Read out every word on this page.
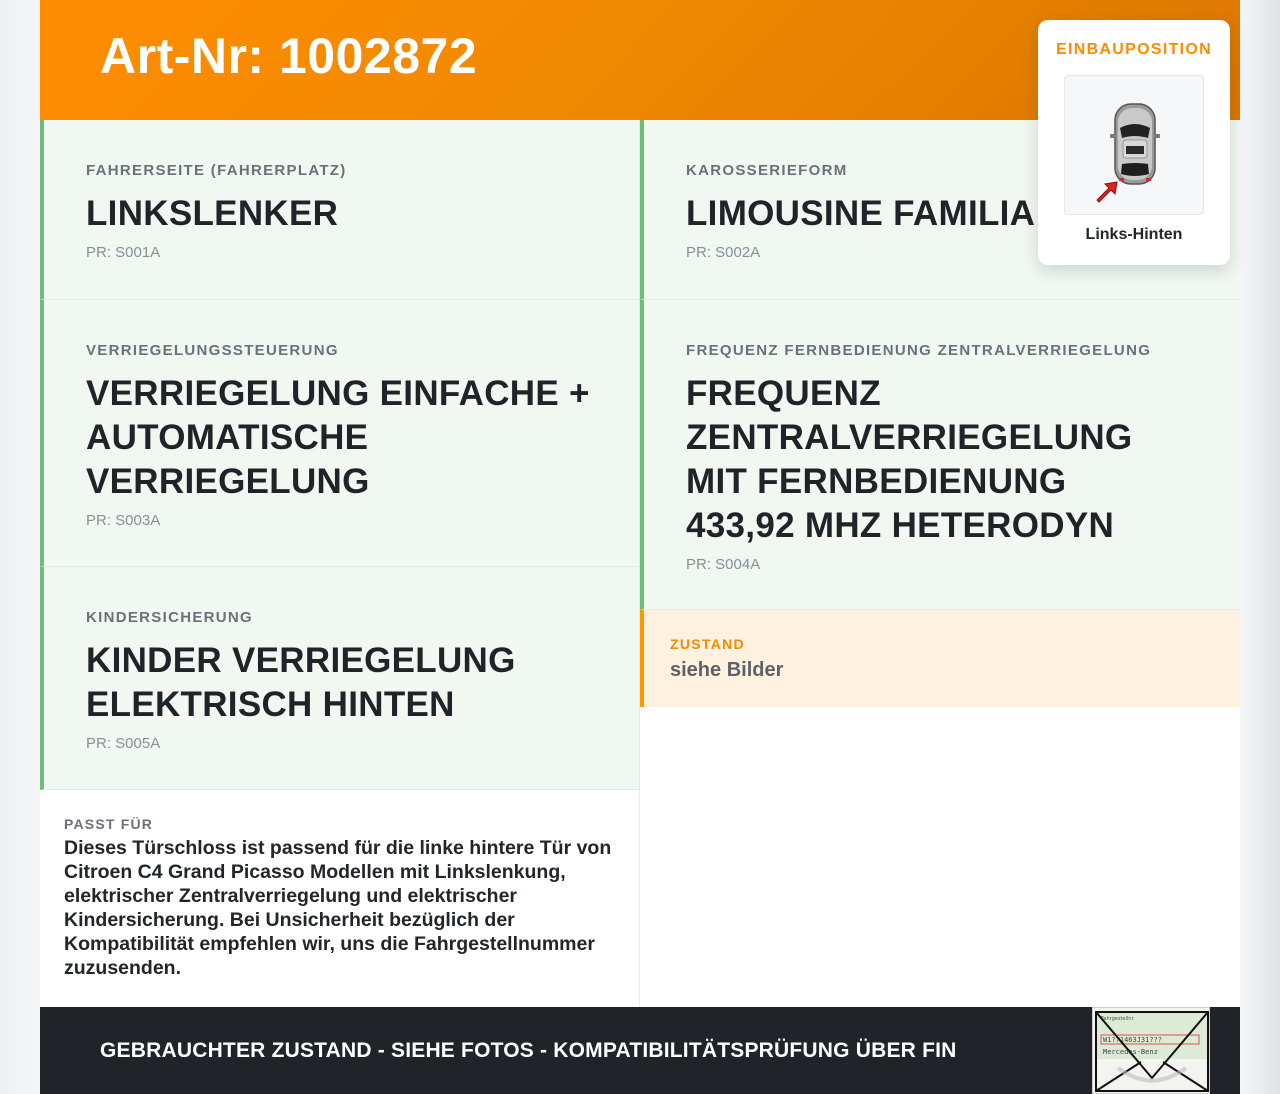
Art-Nr: 1002872
FAHRERSEITE (FAHRERPLATZ)
LINKSLENKER
PR: S001A
KAROSSERIEFORM
LIMOUSINE FAMILIA
PR: S002A
VERRIEGELUNGSSTEUERUNG
VERRIEGELUNG EINFACHE + AUTOMATISCHE VERRIEGELUNG
PR: S003A
FREQUENZ FERNBEDIENUNG ZENTRALVERRIEGELUNG
FREQUENZ ZENTRALVERRIEGELUNG MIT FERNBEDIENUNG 433,92 MHZ HETERODYN
PR: S004A
KINDERSICHERUNG
KINDER VERRIEGELUNG ELEKTRISCH HINTEN
PR: S005A
ZUSTAND
siehe Bilder
PASST FÜR
Dieses Türschloss ist passend für die linke hintere Tür von Citroen C4 Grand Picasso Modellen mit Linkslenkung, elektrischer Zentralverriegelung und elektrischer Kindersicherung. Bei Unsicherheit bezüglich der Kompatibilität empfehlen wir, uns die Fahrgestellnummer zuzusenden.
GEBRAUCHTER ZUSTAND - SIEHE FOTOS - KOMPATIBILITÄTSPRÜFUNG ÜBER FIN
Fahrgestellnr.
W1?71463J31???
Mercedes-Benz
EINBAUPOSITION
Links-Hinten
